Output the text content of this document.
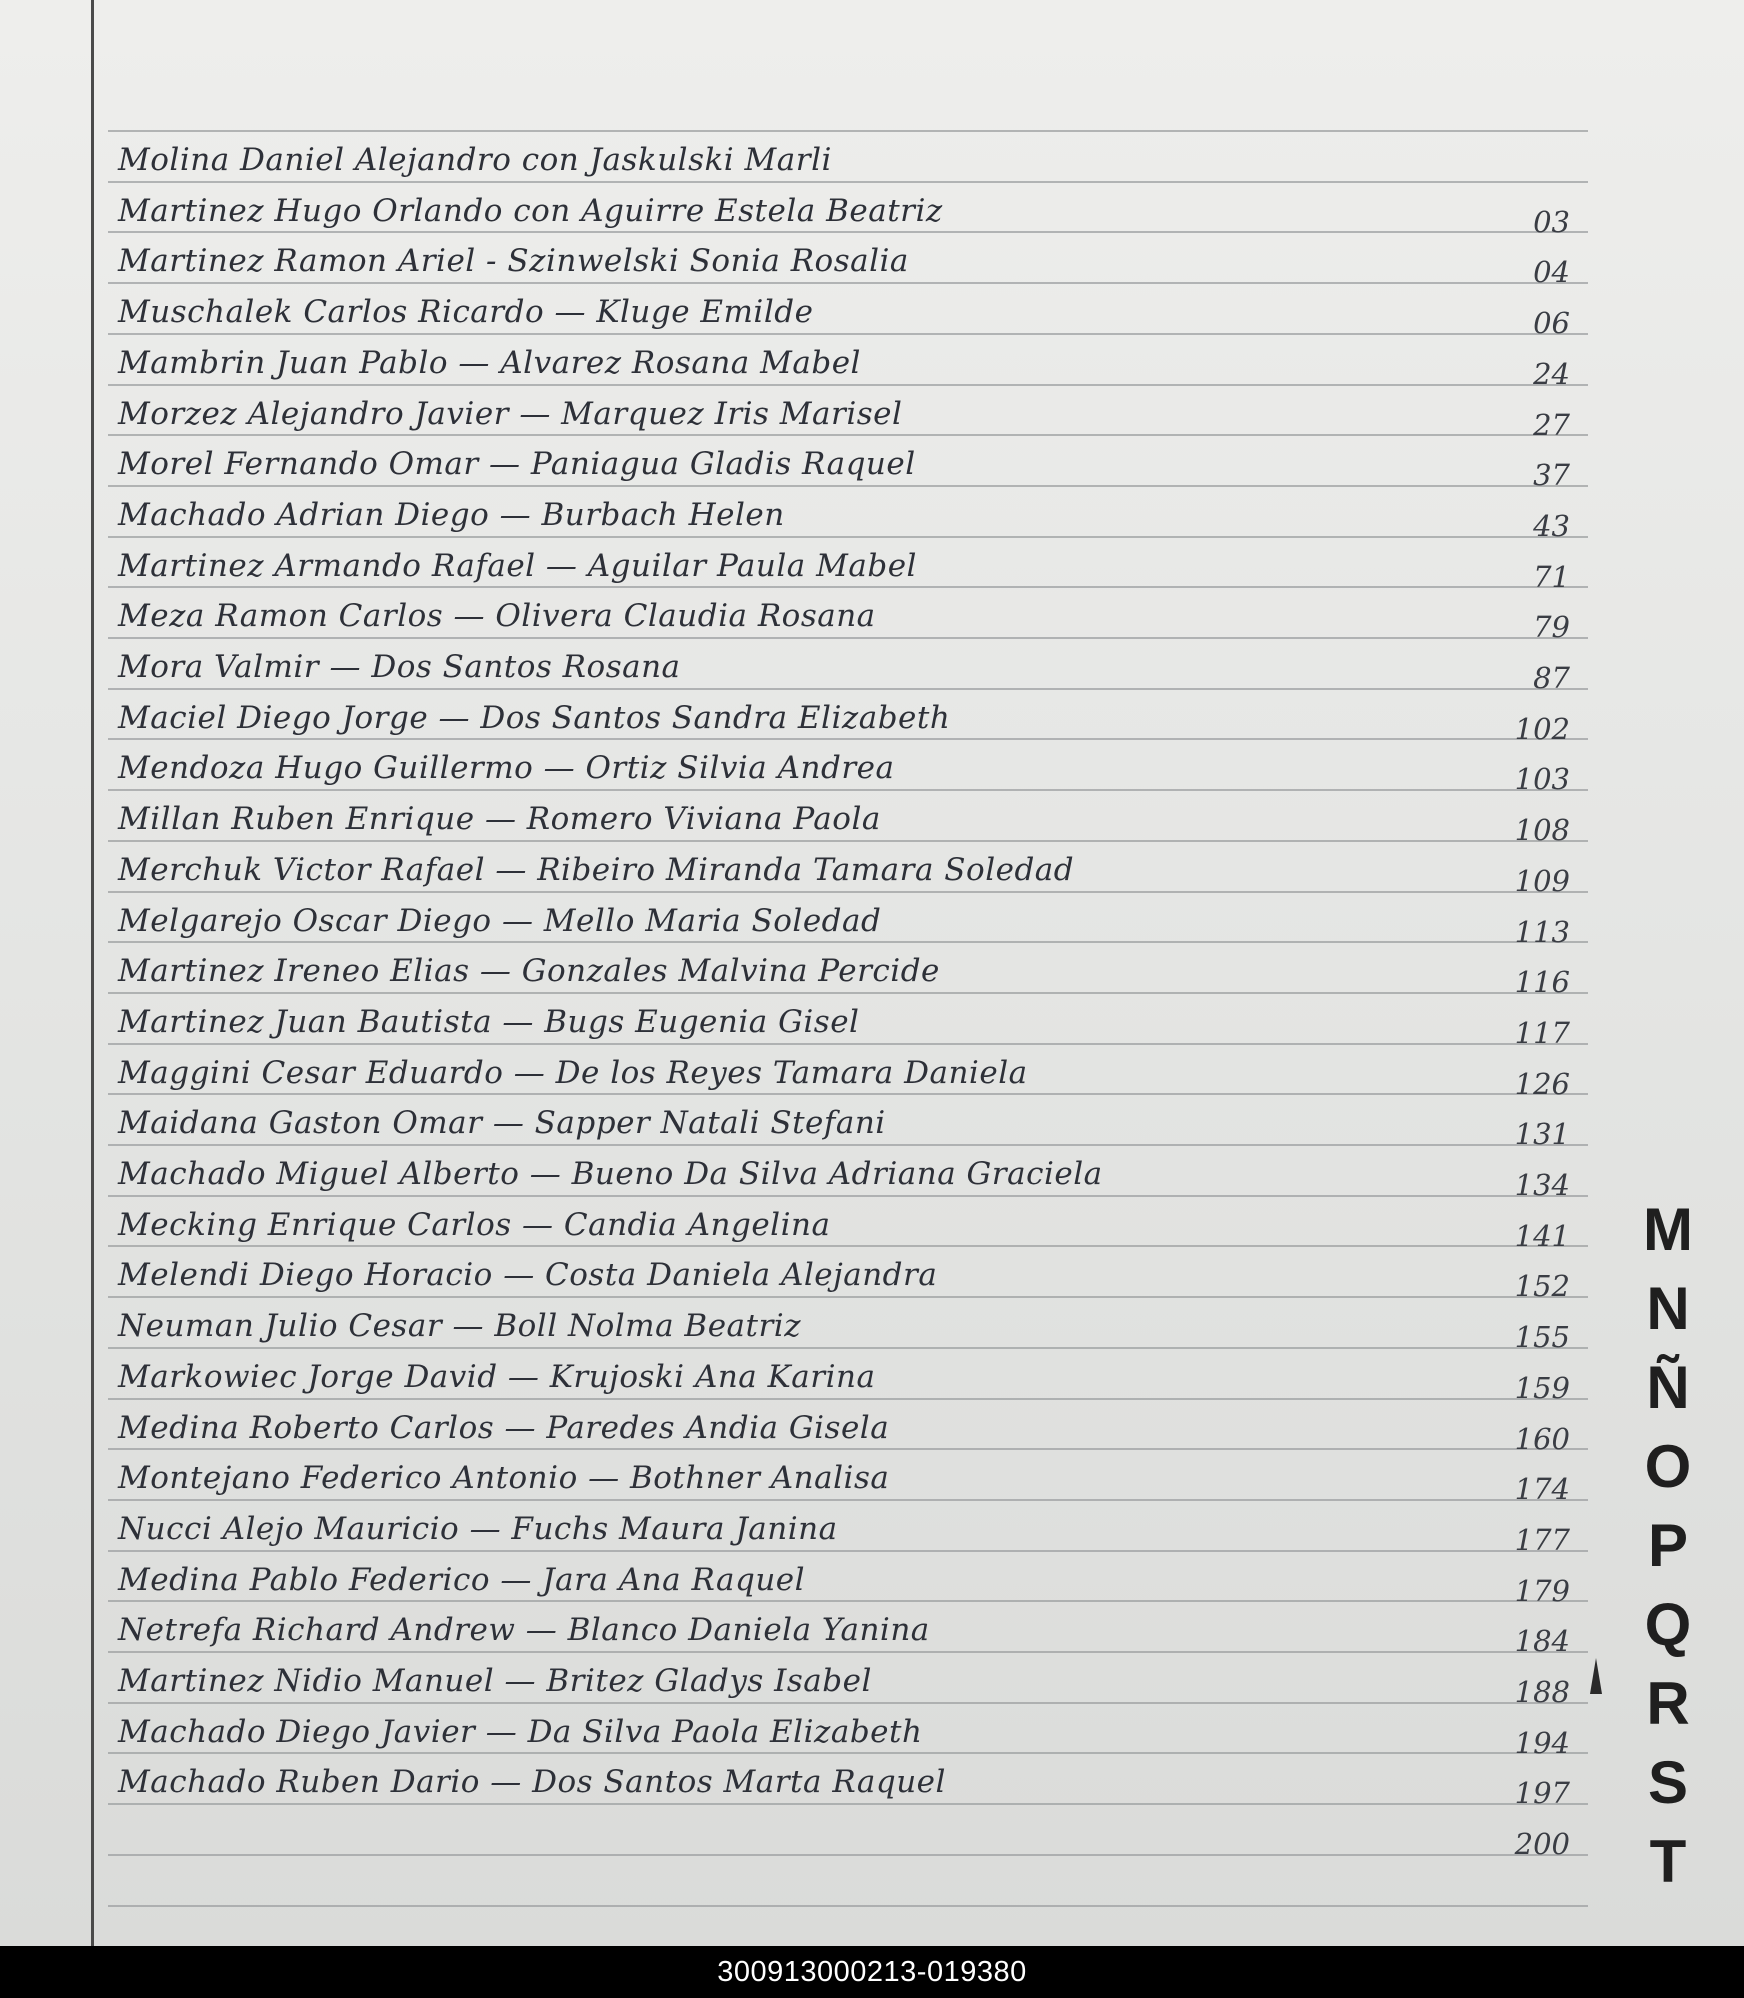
Molina Daniel Alejandro con Jaskulski Marli
Martinez Hugo Orlando con Aguirre Estela Beatriz	03
Martinez Ramon Ariel - Szinwelski Sonia Rosalia	04
Muschalek Carlos Ricardo — Kluge Emilde	06
Mambrin Juan Pablo — Alvarez Rosana Mabel	24
Morzez Alejandro Javier — Marquez Iris Marisel	27
Morel Fernando Omar — Paniagua Gladis Raquel	37
Machado Adrian Diego — Burbach Helen	43
Martinez Armando Rafael — Aguilar Paula Mabel	71
Meza Ramon Carlos — Olivera Claudia Rosana	79
Mora Valmir — Dos Santos Rosana	87
Maciel Diego Jorge — Dos Santos Sandra Elizabeth	102
Mendoza Hugo Guillermo — Ortiz Silvia Andrea	103
Millan Ruben Enrique — Romero Viviana Paola	108
Merchuk Victor Rafael — Ribeiro Miranda Tamara Soledad	109
Melgarejo Oscar Diego — Mello Maria Soledad	113
Martinez Ireneo Elias — Gonzales Malvina Percide	116
Martinez Juan Bautista — Bugs Eugenia Gisel	117
Maggini Cesar Eduardo — De los Reyes Tamara Daniela	126
Maidana Gaston Omar — Sapper Natali Stefani	131
Machado Miguel Alberto — Bueno Da Silva Adriana Graciela	134
Mecking Enrique Carlos — Candia Angelina	141
Melendi Diego Horacio — Costa Daniela Alejandra	152
Neuman Julio Cesar — Boll Nolma Beatriz	155
Markowiec Jorge David — Krujoski Ana Karina	159
Medina Roberto Carlos — Paredes Andia Gisela	160
Montejano Federico Antonio — Bothner Analisa	174
Nucci Alejo Mauricio — Fuchs Maura Janina	177
Medina Pablo Federico — Jara Ana Raquel	179
Netrefa Richard Andrew — Blanco Daniela Yanina	184
Martinez Nidio Manuel — Britez Gladys Isabel	188
Machado Diego Javier — Da Silva Paola Elizabeth	194
Machado Ruben Dario — Dos Santos Marta Raquel	197
200
M
N
Ñ
O
P
Q
R
S
T
300913000213-019380
